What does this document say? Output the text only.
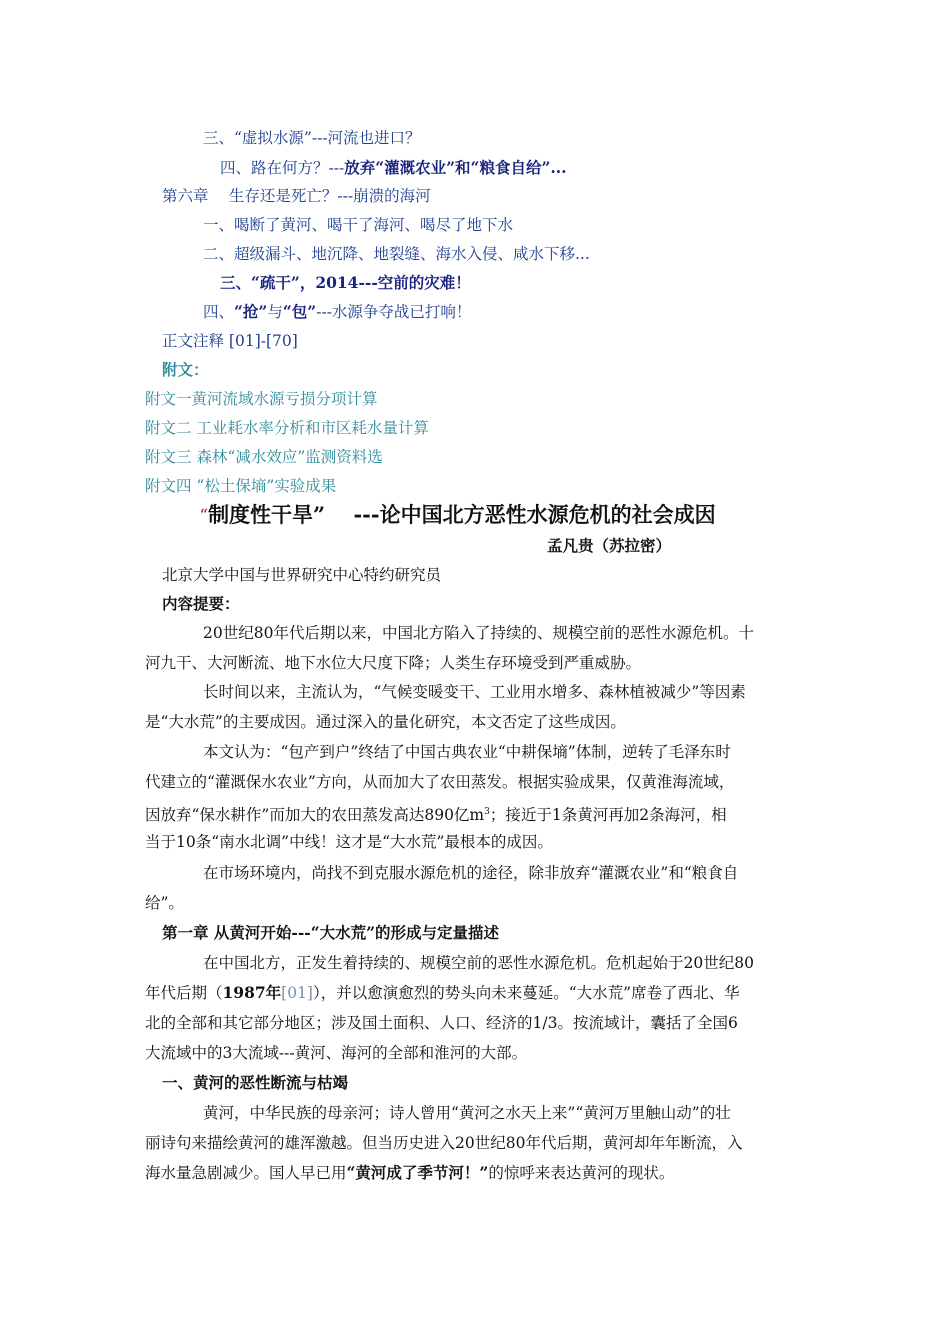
三、“虚拟水源”---河流也进口？
四、路在何方？---放弃“灌溉农业”和“粮食自给”...
第六章　 生存还是死亡？---崩溃的海河
一、喝断了黄河、喝干了海河、喝尽了地下水
二、超级漏斗、地沉降、地裂缝、海水入侵、咸水下移...
三、“疏干”，2014---空前的灾难！
四、“抢”与“包”---水源争夺战已打响！
正文注释 [01]-[70]
附文：
附文一黄河流域水源亏损分项计算
附文二 工业耗水率分析和市区耗水量计算
附文三 森林“减水效应”监测资料选
附文四 “松土保墒”实验成果
“制度性干旱”　 ---论中国北方恶性水源危机的社会成因
孟凡贵（苏拉密）
北京大学中国与世界研究中心特约研究员
内容提要：
20世纪80年代后期以来，中国北方陷入了持续的、规模空前的恶性水源危机。十
河九干、大河断流、地下水位大尺度下降；人类生存环境受到严重威胁。
长时间以来，主流认为，“气候变暖变干、工业用水增多、森林植被减少”等因素
是“大水荒”的主要成因。通过深入的量化研究，本文否定了这些成因。
本文认为：“包产到户”终结了中国古典农业“中耕保墒”体制，逆转了毛泽东时
代建立的“灌溉保水农业”方向，从而加大了农田蒸发。根据实验成果，仅黄淮海流域，
因放弃“保水耕作”而加大的农田蒸发高达890亿$m^3$；接近于1条黄河再加2条海河，相
当于10条“南水北调”中线！这才是“大水荒”最根本的成因。
在市场环境内，尚找不到克服水源危机的途径，除非放弃“灌溉农业”和“粮食自
给”。
第一章 从黄河开始---“大水荒”的形成与定量描述
在中国北方，正发生着持续的、规模空前的恶性水源危机。危机起始于20世纪80
年代后期（1987年[01]），并以愈演愈烈的势头向未来蔓延。“大水荒”席卷了西北、华
北的全部和其它部分地区；涉及国土面积、人口、经济的1/3。按流域计，囊括了全国6
大流域中的3大流域---黄河、海河的全部和淮河的大部。
一、黄河的恶性断流与枯竭
黄河，中华民族的母亲河；诗人曾用“黄河之水天上来”“黄河万里触山动”的壮
丽诗句来描绘黄河的雄浑激越。但当历史进入20世纪80年代后期，黄河却年年断流，入
海水量急剧减少。国人早已用“黄河成了季节河！”的惊呼来表达黄河的现状。
